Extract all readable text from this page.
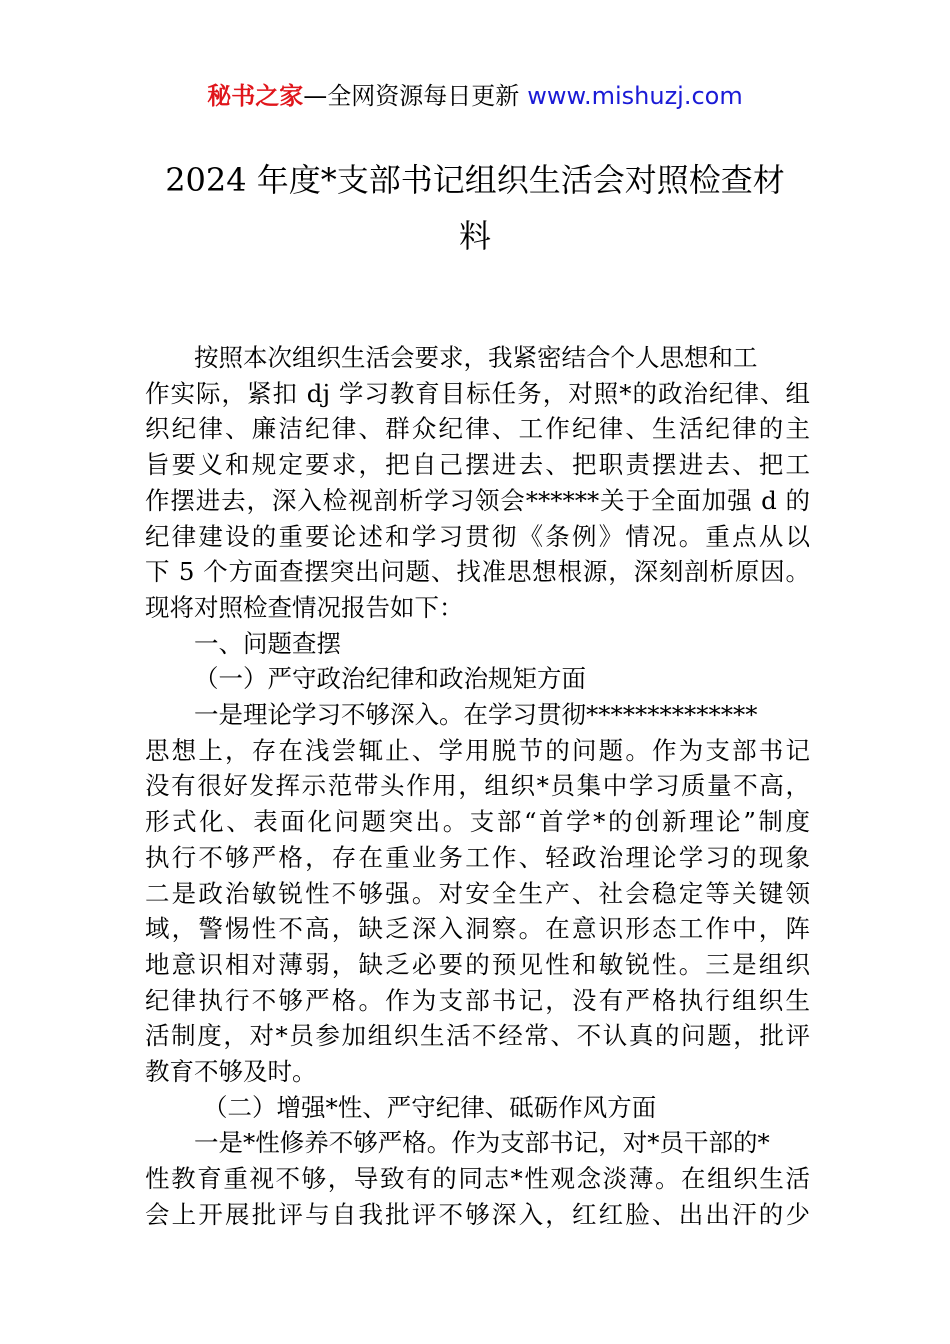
秘书之家—全网资源每日更新 www.mishuzj.com
2024 年度*支部书记组织生活会对照检查材
料
按照本次组织生活会要求，我紧密结合个人思想和工
作实际，紧扣 dj 学习教育目标任务，对照*的政治纪律、组
织纪律、廉洁纪律、群众纪律、工作纪律、生活纪律的主
旨要义和规定要求，把自己摆进去、把职责摆进去、把工
作摆进去，深入检视剖析学习领会******关于全面加强 d 的
纪律建设的重要论述和学习贯彻《条例》情况。重点从以
下 5 个方面查摆突出问题、找准思想根源，深刻剖析原因。
现将对照检查情况报告如下：
一、问题查摆
（一）严守政治纪律和政治规矩方面
一是理论学习不够深入。在学习贯彻**************
思想上，存在浅尝辄止、学用脱节的问题。作为支部书记
没有很好发挥示范带头作用，组织*员集中学习质量不高，
形式化、表面化问题突出。支部“首学*的创新理论”制度
执行不够严格，存在重业务工作、轻政治理论学习的现象
二是政治敏锐性不够强。对安全生产、社会稳定等关键领
域，警惕性不高，缺乏深入洞察。在意识形态工作中，阵
地意识相对薄弱，缺乏必要的预见性和敏锐性。三是组织
纪律执行不够严格。作为支部书记，没有严格执行组织生
活制度，对*员参加组织生活不经常、不认真的问题，批评
教育不够及时。
（二）增强*性、严守纪律、砥砺作风方面
一是*性修养不够严格。作为支部书记，对*员干部的*
性教育重视不够，导致有的同志*性观念淡薄。在组织生活
会上开展批评与自我批评不够深入，红红脸、出出汗的少
